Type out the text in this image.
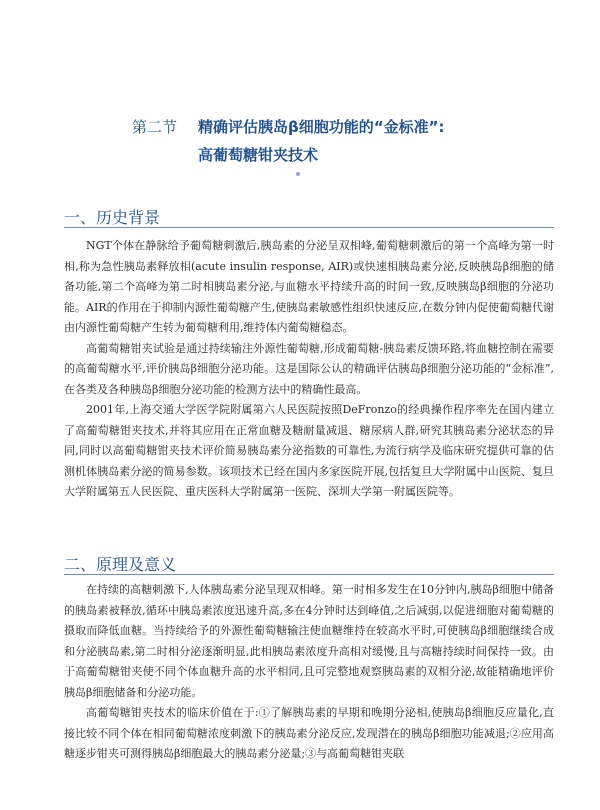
第二节	精确评估胰岛β细胞功能的“金标准”:
高葡萄糖钳夹技术
一、历史背景

NGT个体在静脉给予葡萄糖刺激后,胰岛素的分泌呈双相峰,葡萄糖刺激后的第一个高峰为第一时相,称为急性胰岛素释放相(acute insulin response, AIR)或快速相胰岛素分泌,反映胰岛β细胞的储备功能,第二个高峰为第二时相胰岛素分泌,与血糖水平持续升高的时间一致,反映胰岛β细胞的分泌功能。AIR的作用在于抑制内源性葡萄糖产生,使胰岛素敏感性组织快速反应,在数分钟内促使葡萄糖代谢由内源性葡萄糖产生转为葡萄糖利用,维持体内葡萄糖稳态。

高葡萄糖钳夹试验是通过持续输注外源性葡萄糖,形成葡萄糖-胰岛素反馈环路,将血糖控制在需要的高葡萄糖水平,评价胰岛β细胞分泌功能。这是国际公认的精确评估胰岛β细胞分泌功能的“金标准”,在各类及各种胰岛β细胞分泌功能的检测方法中的精确性最高。

2001年,上海交通大学医学院附属第六人民医院按照DeFronzo的经典操作程序率先在国内建立了高葡萄糖钳夹技术,并将其应用在正常血糖及糖耐量减退、糖尿病人群,研究其胰岛素分泌状态的异同,同时以高葡萄糖钳夹技术评价简易胰岛素分泌指数的可靠性,为流行病学及临床研究提供可靠的估测机体胰岛素分泌的简易参数。该项技术已经在国内多家医院开展,包括复旦大学附属中山医院、复旦大学附属第五人民医院、重庆医科大学附属第一医院、深圳大学第一附属医院等。

二、原理及意义

在持续的高糖刺激下,人体胰岛素分泌呈现双相峰。第一时相多发生在10分钟内,胰岛β细胞中储备的胰岛素被释放,循环中胰岛素浓度迅速升高,多在4分钟时达到峰值,之后减弱,以促进细胞对葡萄糖的摄取而降低血糖。当持续给予的外源性葡萄糖输注使血糖维持在较高水平时,可使胰岛β细胞继续合成和分泌胰岛素,第二时相分泌逐渐明显,此相胰岛素浓度升高相对缓慢,且与高糖持续时间保持一致。由于高葡萄糖钳夹使不同个体血糖升高的水平相同,且可完整地观察胰岛素的双相分泌,故能精确地评价胰岛β细胞储备和分泌功能。

高葡萄糖钳夹技术的临床价值在于:①了解胰岛素的早期和晚期分泌相,使胰岛β细胞反应量化,直接比较不同个体在相同葡萄糖浓度刺激下的胰岛素分泌反应,发现潜在的胰岛β细胞功能减退;②应用高糖逐步钳夹可测得胰岛β细胞最大的胰岛素分泌量;③与高葡萄糖钳夹联
